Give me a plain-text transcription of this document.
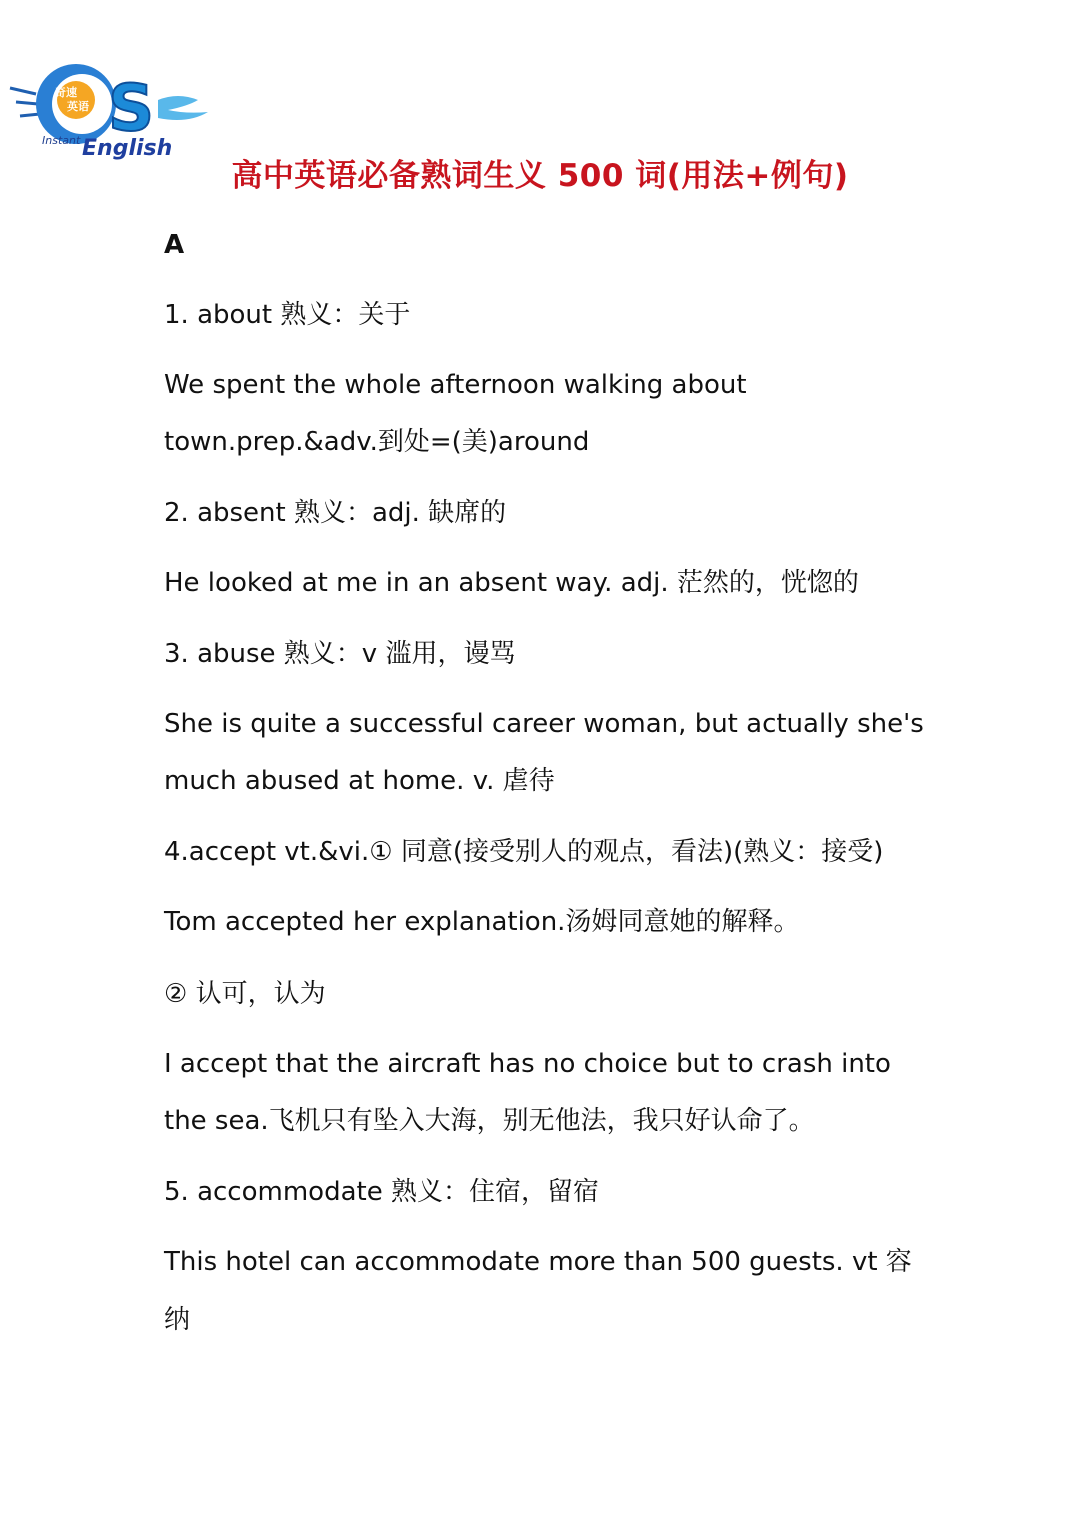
奇速
英语 S
Instant English
高中英语必备熟词生义 500 词(用法+例句)
A
1. about 熟义：关于
We spent the whole afternoon walking about
town.prep.&adv.到处=(美)around
2. absent 熟义：adj. 缺席的
He looked at me in an absent way. adj. 茫然的，恍惚的
3. abuse 熟义：v 滥用，谩骂
She is quite a successful career woman, but actually she's
much abused at home. v. 虐待
4.accept vt.&vi.① 同意(接受别人的观点，看法)(熟义：接受)
Tom accepted her explanation.汤姆同意她的解释。
② 认可，认为
I accept that the aircraft has no choice but to crash into
the sea.飞机只有坠入大海，别无他法，我只好认命了。
5. accommodate 熟义：住宿，留宿
This hotel can accommodate more than 500 guests. vt 容
纳
